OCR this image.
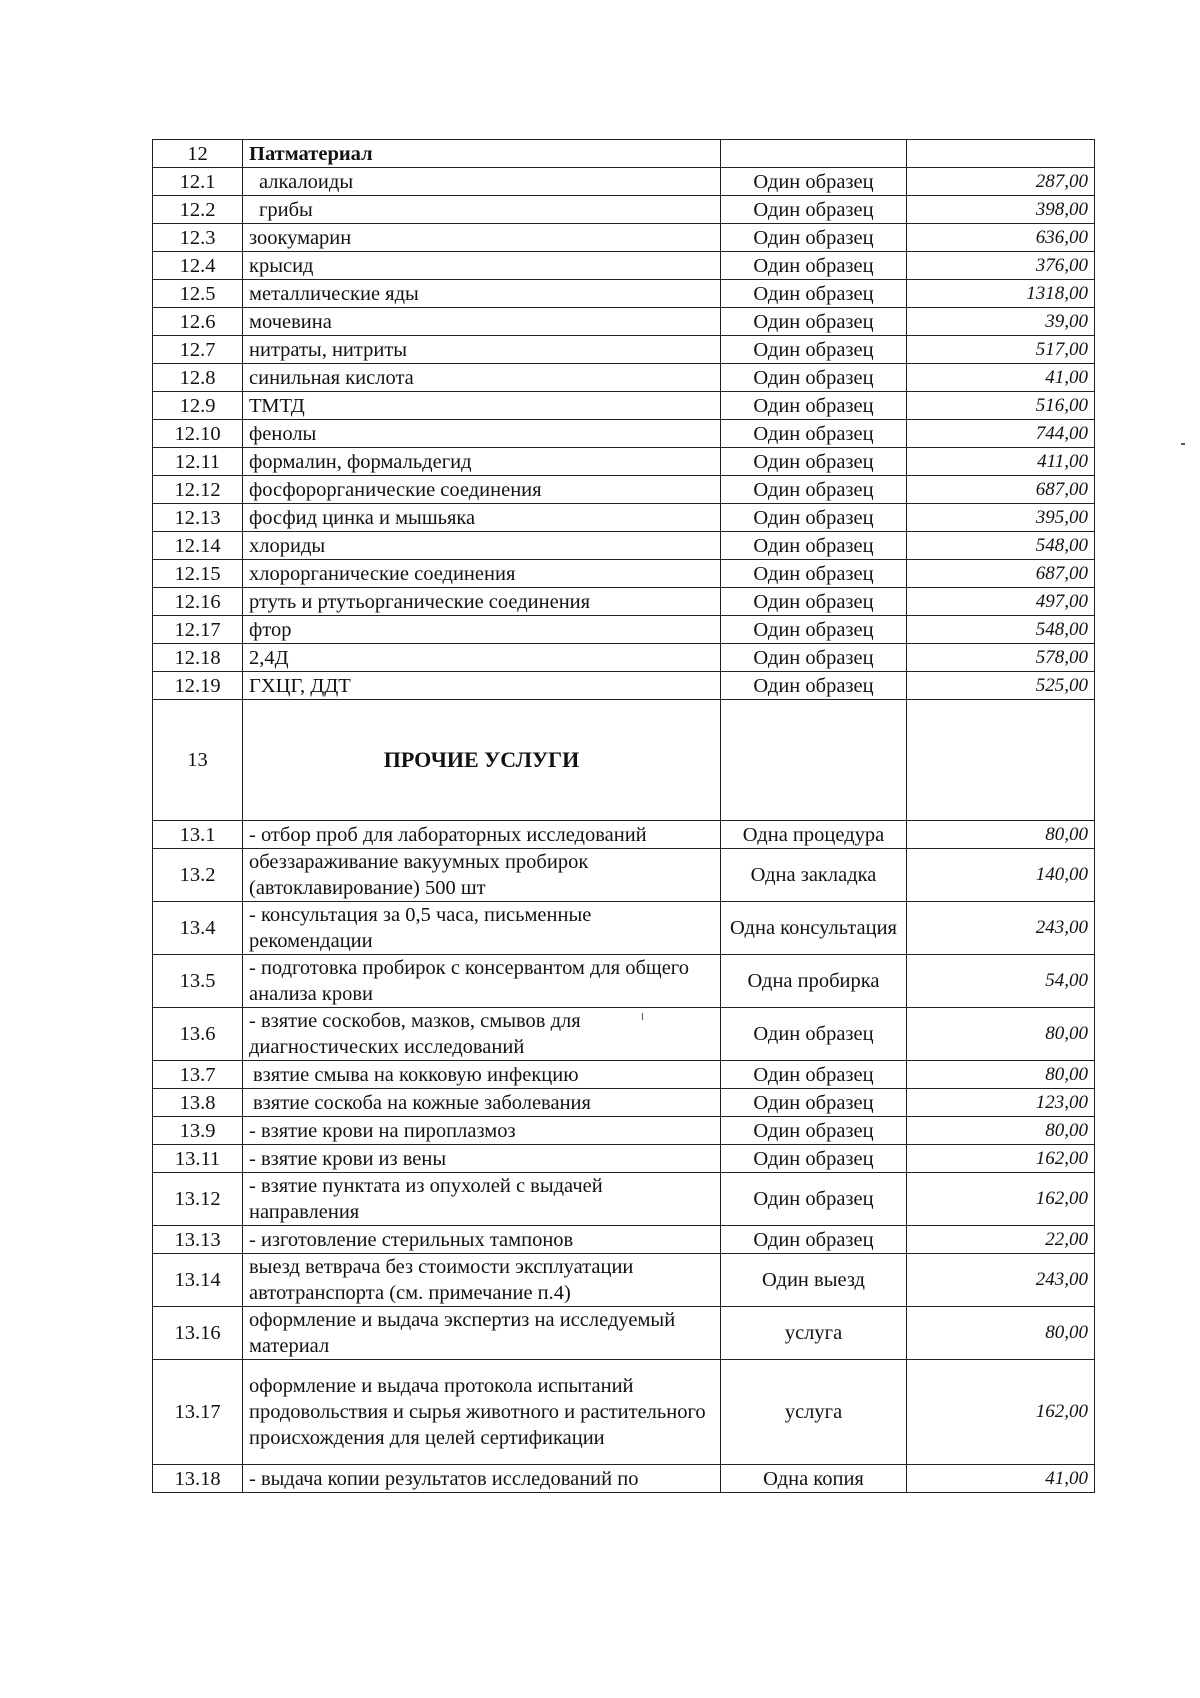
12	Патматериал		
12.1	алкалоиды	Один образец	287,00
12.2	грибы	Один образец	398,00
12.3	зоокумарин	Один образец	636,00
12.4	крысид	Один образец	376,00
12.5	металлические яды	Один образец	1318,00
12.6	мочевина	Один образец	39,00
12.7	нитраты, нитриты	Один образец	517,00
12.8	синильная кислота	Один образец	41,00
12.9	ТМТД	Один образец	516,00
12.10	фенолы	Один образец	744,00
12.11	формалин, формальдегид	Один образец	411,00
12.12	фосфорорганические соединения	Один образец	687,00
12.13	фосфид цинка и мышьяка	Один образец	395,00
12.14	хлориды	Один образец	548,00
12.15	хлорорганические соединения	Один образец	687,00
12.16	ртуть и ртутьорганические соединения	Один образец	497,00
12.17	фтор	Один образец	548,00
12.18	2,4Д	Один образец	578,00
12.19	ГХЦГ, ДДТ	Один образец	525,00
13	ПРОЧИЕ УСЛУГИ		
13.1	- отбор проб для лабораторных исследований	Одна процедура	80,00
13.2	обеззараживание вакуумных пробирок (автоклавирование) 500 шт	Одна закладка	140,00
13.4	- консультация за 0,5 часа, письменные рекомендации	Одна консультация	243,00
13.5	- подготовка пробирок с консервантом для общего анализа крови	Одна пробирка	54,00
13.6	- взятие соскобов, мазков, смывов для диагностических исследований	Один образец	80,00
13.7	взятие смыва на кокковую инфекцию	Один образец	80,00
13.8	взятие соскоба на кожные заболевания	Один образец	123,00
13.9	- взятие крови на пироплазмоз	Один образец	80,00
13.11	- взятие крови из вены	Один образец	162,00
13.12	- взятие пунктата из опухолей с выдачей направления	Один образец	162,00
13.13	- изготовление стерильных тампонов	Один образец	22,00
13.14	выезд ветврача без стоимости эксплуатации автотранспорта (см. примечание п.4)	Один выезд	243,00
13.16	оформление и выдача экспертиз на исследуемый материал	услуга	80,00
13.17	оформление и выдача протокола испытаний продовольствия и сырья животного и растительного происхождения для целей сертификации	услуга	162,00
13.18	- выдача копии результатов исследований по	Одна копия	41,00
